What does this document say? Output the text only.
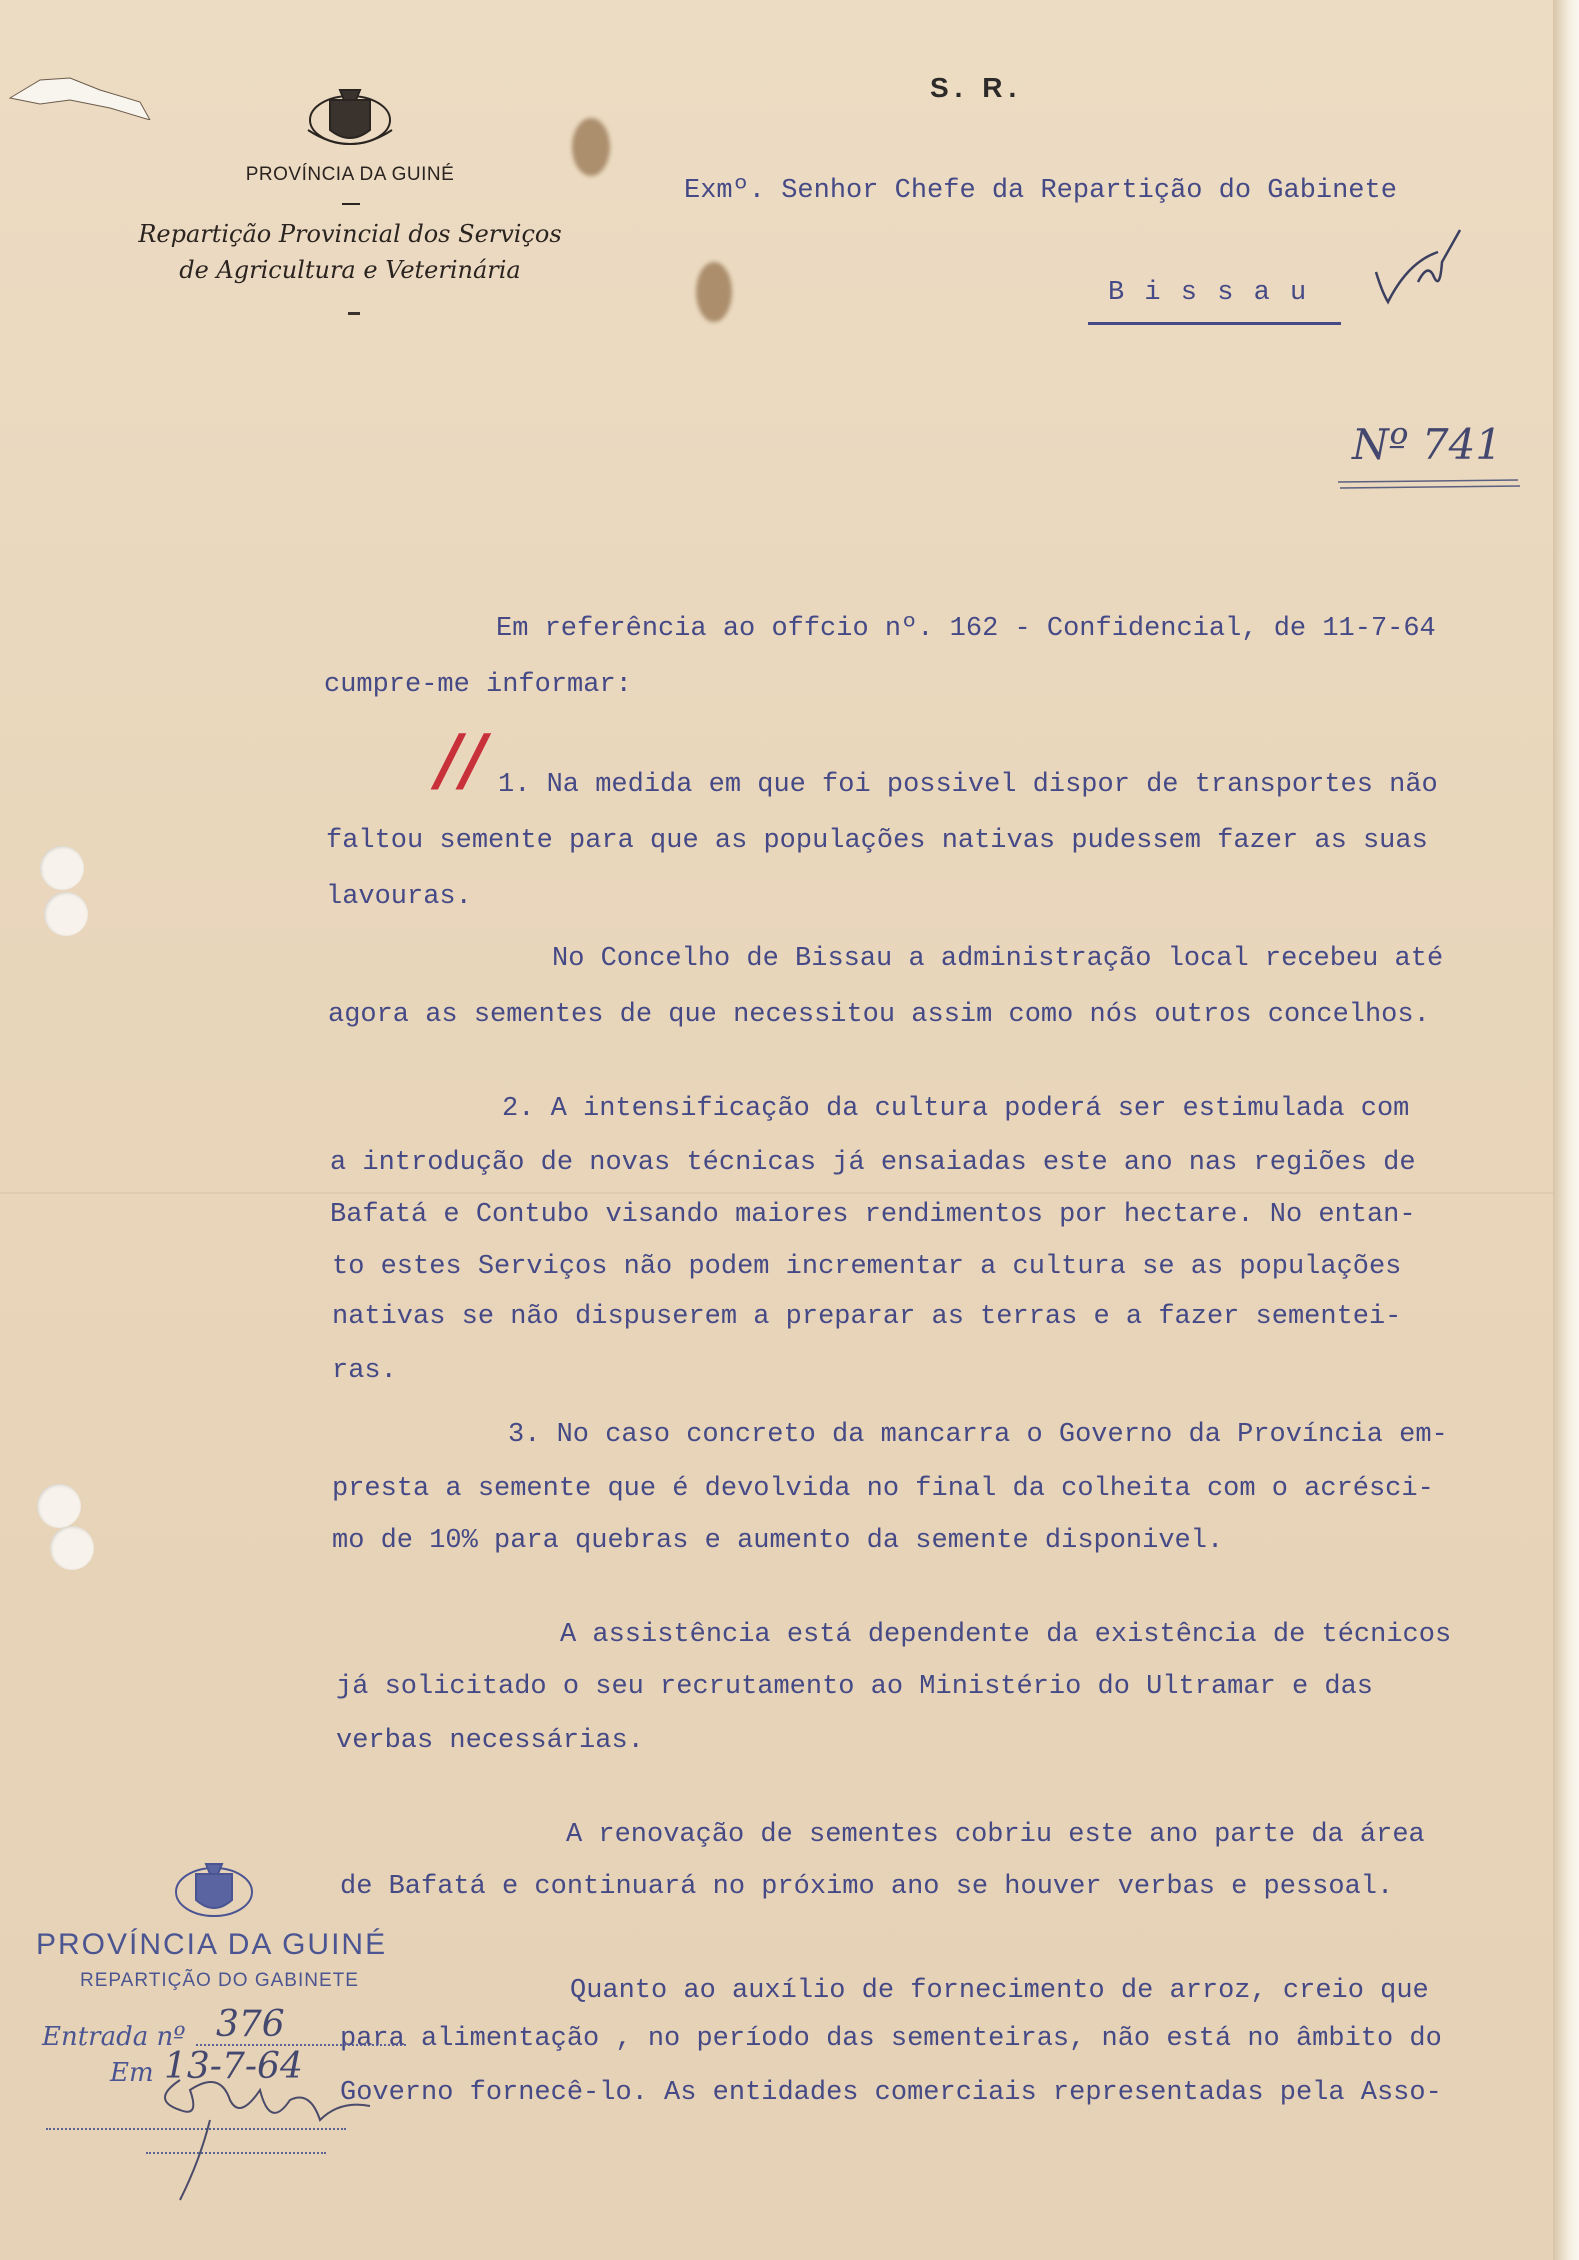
PROVÍNCIA DA GUINÉ
Repartição Provincial dos Serviços
de Agricultura e Veterinária
S. R.
Exmº. Senhor Chefe da Repartição do Gabinete
B i s s a u
Nº 741
Em referência ao offcio nº. 162 - Confidencial, de 11-7-64
cumpre-me informar:
// 1. Na medida em que foi possivel dispor de transportes não
faltou semente para que as populações nativas pudessem fazer as suas
lavouras.
No Concelho de Bissau a administração local recebeu até
agora as sementes de que necessitou assim como nós outros concelhos.
2. A intensificação da cultura poderá ser estimulada com
a introdução de novas técnicas já ensaiadas este ano nas regiões de
Bafatá e Contubo visando maiores rendimentos por hectare. No entan-
to estes Serviços não podem incrementar a cultura se as populações
nativas se não dispuserem a preparar as terras e a fazer sementei-
ras.
3. No caso concreto da mancarra o Governo da Província em-
presta a semente que é devolvida no final da colheita com o acrésci-
mo de 10% para quebras e aumento da semente disponivel.
A assistência está dependente da existência de técnicos
já solicitado o seu recrutamento ao Ministério do Ultramar e das
verbas necessárias.
A renovação de sementes cobriu este ano parte da área
de Bafatá e continuará no próximo ano se houver verbas e pessoal.
Quanto ao auxílio de fornecimento de arroz, creio que
para alimentação , no período das sementeiras, não está no âmbito do
Governo fornecê-lo. As entidades comerciais representadas pela Asso-
PROVÍNCIA DA GUINÉ
REPARTIÇÃO DO GABINETE
Entrada nº 376
Em 13-7-64
